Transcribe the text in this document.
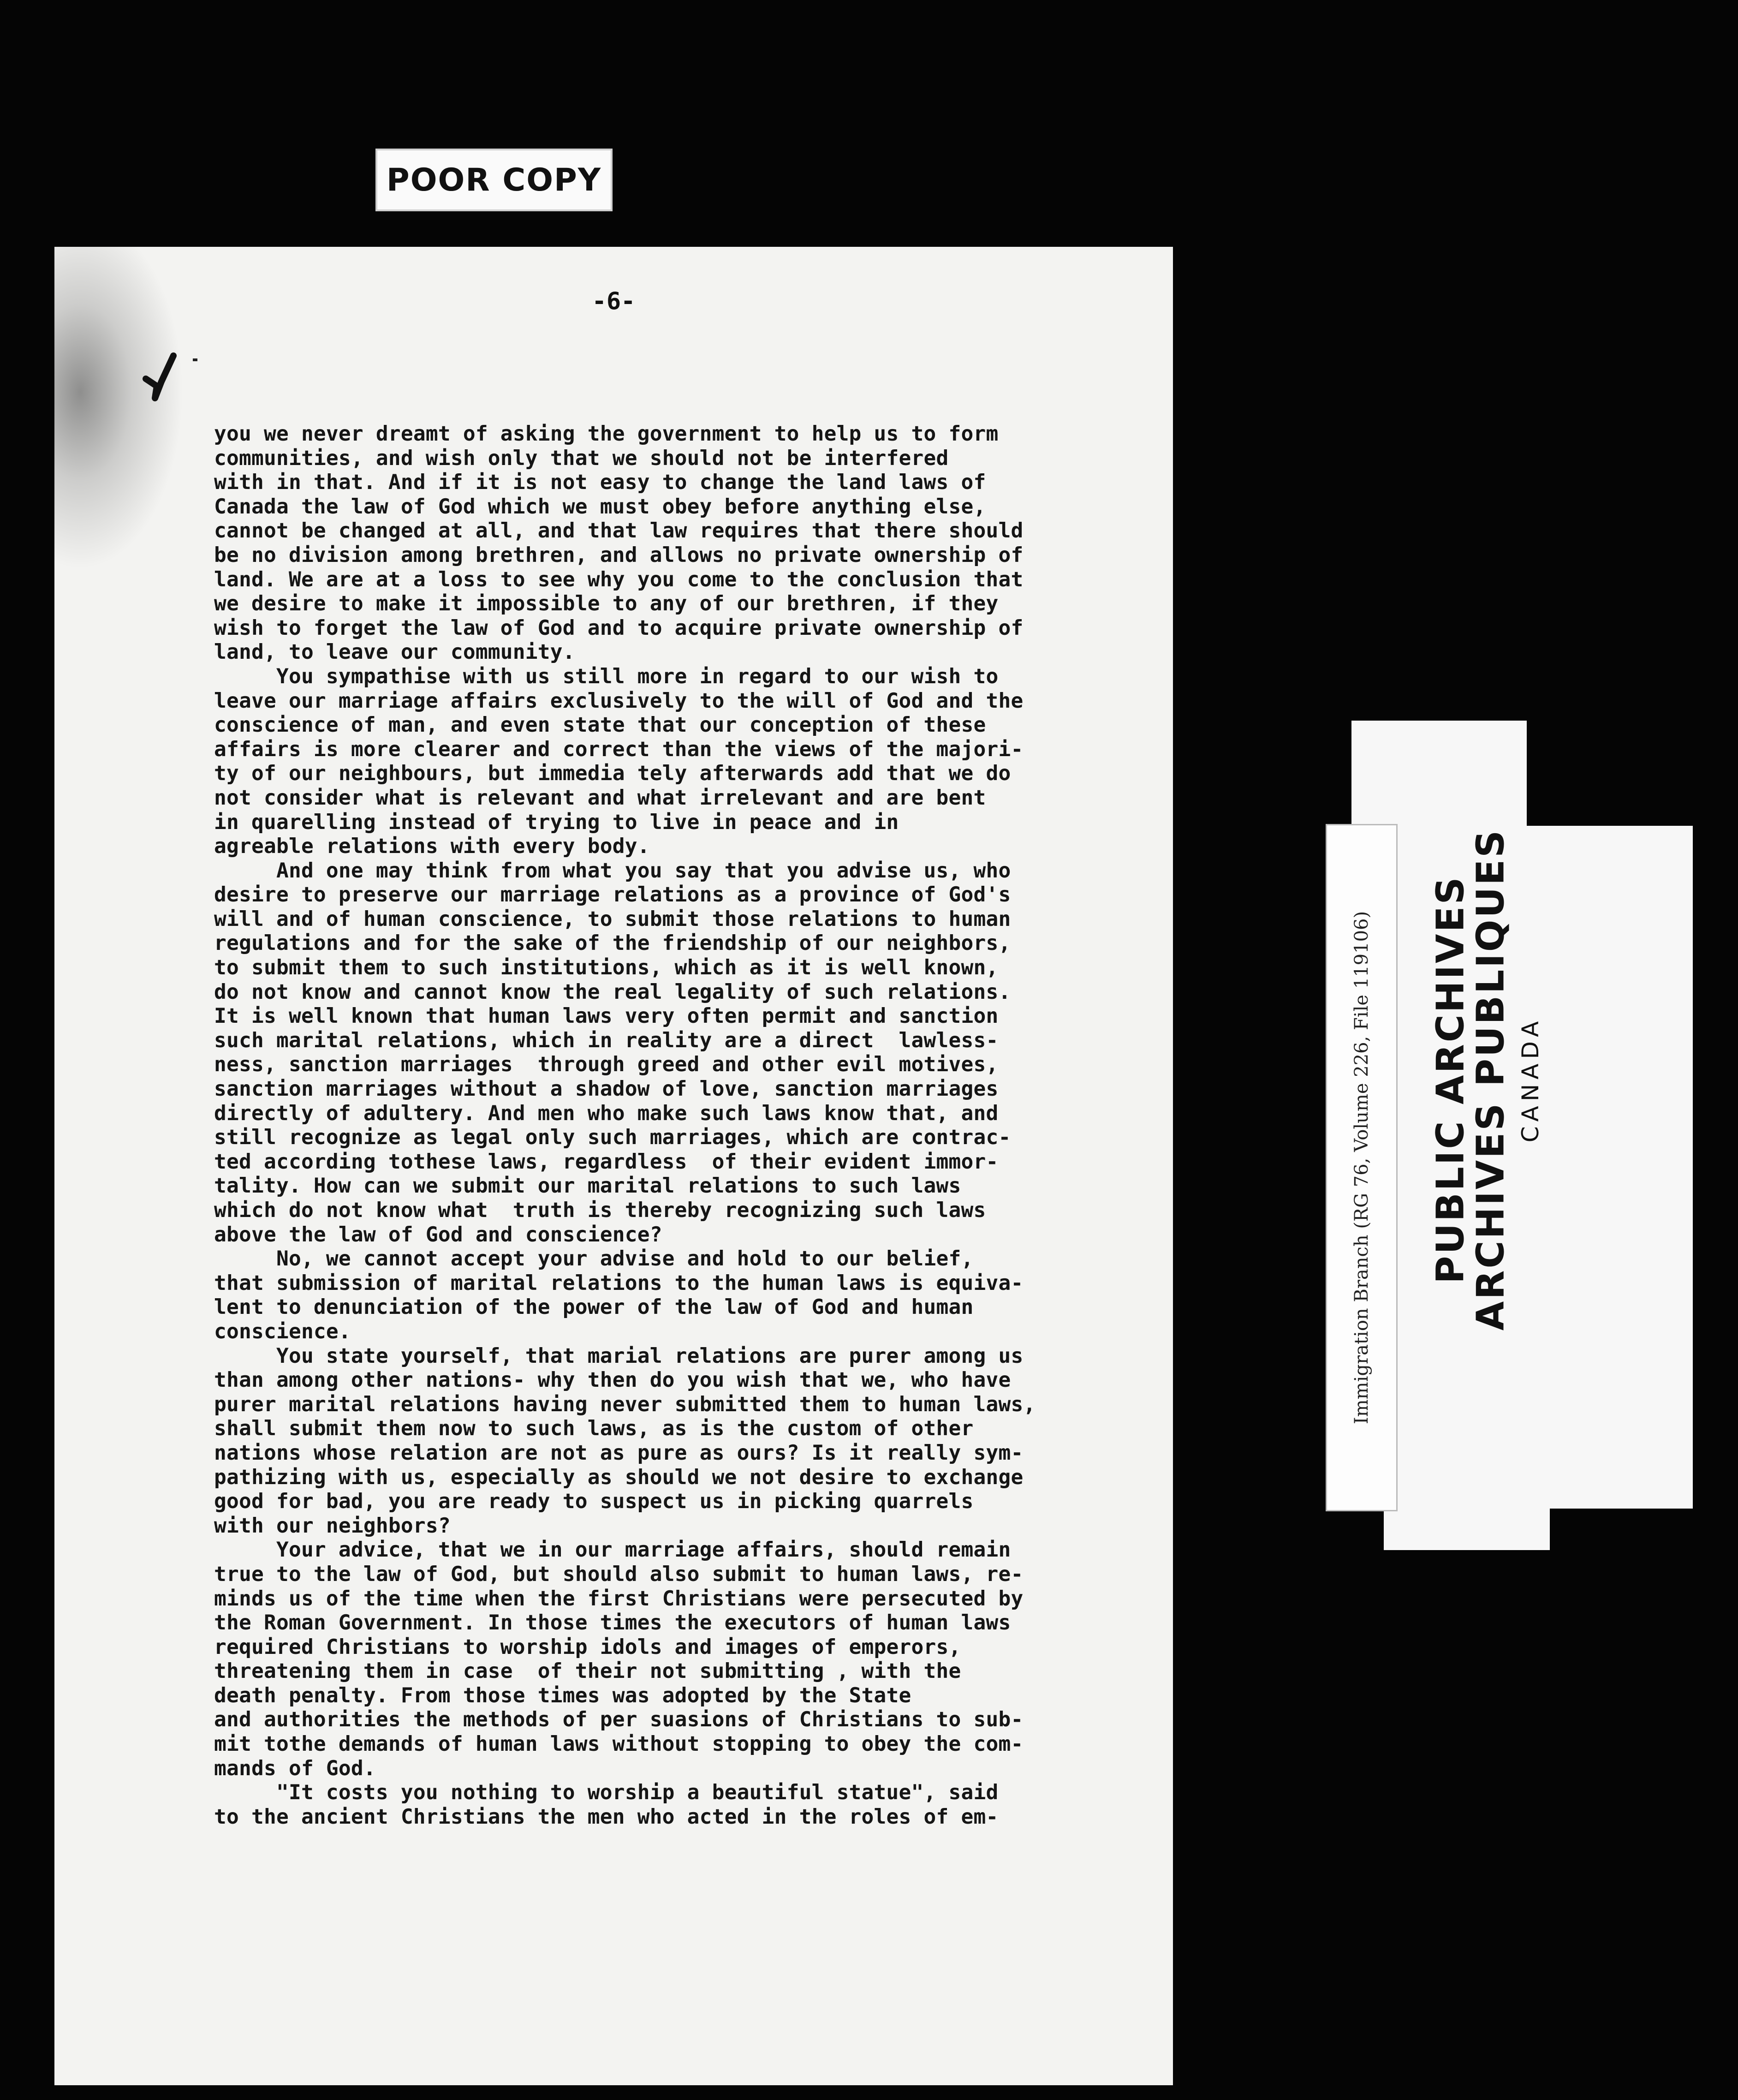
POOR COPY
-6-
you we never dreamt of asking the government to help us to form
communities, and wish only that we should not be interfered
with in that. And if it is not easy to change the land laws of
Canada the law of God which we must obey before anything else,
cannot be changed at all, and that law requires that there should
be no division among brethren, and allows no private ownership of
land. We are at a loss to see why you come to the conclusion that
we desire to make it impossible to any of our brethren, if they
wish to forget the law of God and to acquire private ownership of
land, to leave our community.
You sympathise with us still more in regard to our wish to
leave our marriage affairs exclusively to the will of God and the
conscience of man, and even state that our conception of these
affairs is more clearer and correct than the views of the majori-
ty of our neighbours, but immedia tely afterwards add that we do
not consider what is relevant and what irrelevant and are bent
in quarelling instead of trying to live in peace and in
agreable relations with every body.
And one may think from what you say that you advise us, who
desire to preserve our marriage relations as a province of God's
will and of human conscience, to submit those relations to human
regulations and for the sake of the friendship of our neighbors,
to submit them to such institutions, which as it is well known,
do not know and cannot know the real legality of such relations.
It is well known that human laws very often permit and sanction
such marital relations, which in reality are a direct  lawless-
ness, sanction marriages  through greed and other evil motives,
sanction marriages without a shadow of love, sanction marriages
directly of adultery. And men who make such laws know that, and
still recognize as legal only such marriages, which are contrac-
ted according tothese laws, regardless  of their evident immor-
tality. How can we submit our marital relations to such laws
which do not know what  truth is thereby recognizing such laws
above the law of God and conscience?
No, we cannot accept your advise and hold to our belief,
that submission of marital relations to the human laws is equiva-
lent to denunciation of the power of the law of God and human
conscience.
You state yourself, that marial relations are purer among us
than among other nations- why then do you wish that we, who have
purer marital relations having never submitted them to human laws,
shall submit them now to such laws, as is the custom of other
nations whose relation are not as pure as ours? Is it really sym-
pathizing with us, especially as should we not desire to exchange
good for bad, you are ready to suspect us in picking quarrels
with our neighbors?
Your advice, that we in our marriage affairs, should remain
true to the law of God, but should also submit to human laws, re-
minds us of the time when the first Christians were persecuted by
the Roman Government. In those times the executors of human laws
required Christians to worship idols and images of emperors,
threatening them in case  of their not submitting , with the
death penalty. From those times was adopted by the State
and authorities the methods of per suasions of Christians to sub-
mit tothe demands of human laws without stopping to obey the com-
mands of God.
"It costs you nothing to worship a beautiful statue", said
to the ancient Christians the men who acted in the roles of em-
Immigration Branch (RG 76, Volume 226, File 119106) PUBLIC ARCHIVES
ARCHIVES PUBLIQUES CANADA
